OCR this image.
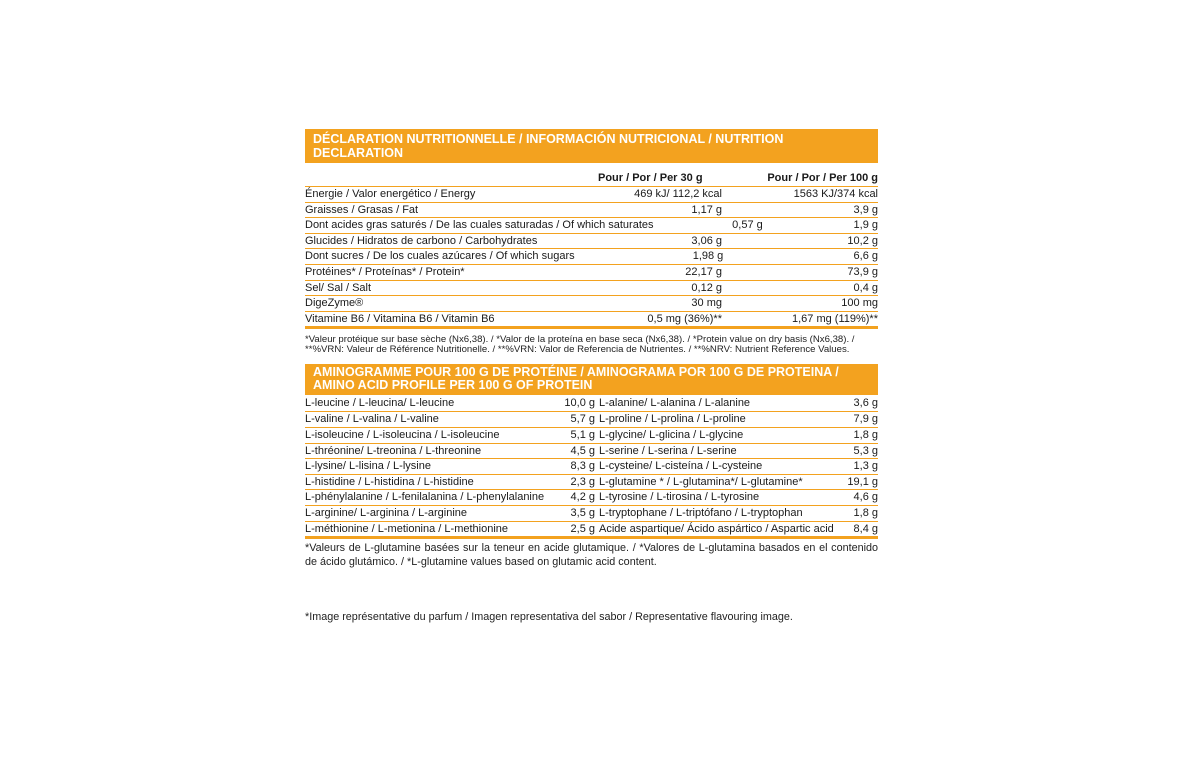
DÉCLARATION NUTRITIONNELLE / INFORMACIÓN NUTRICIONAL / NUTRITION DECLARATION
Pour / Por / Per 30 g	Pour / Por / Per 100 g
Énergie / Valor energético / Energy	469 kJ/ 112,2 kcal	1563 KJ/374 kcal
Graisses / Grasas / Fat	1,17 g	3,9 g
Dont acides gras saturés / De las cuales saturadas / Of which saturates	0,57 g	1,9 g
Glucides / Hidratos de carbono / Carbohydrates	3,06 g	10,2 g
Dont sucres / De los cuales azúcares / Of which sugars	1,98 g	6,6 g
Protéines* / Proteínas* / Protein*	22,17 g	73,9 g
Sel/ Sal / Salt	0,12 g	0,4 g
DigeZyme®	30 mg	100 mg
Vitamine B6 / Vitamina B6 / Vitamin B6	0,5 mg (36%)**	1,67 mg (119%)**
*Valeur protéique sur base sèche (Nx6,38). / *Valor de la proteína en base seca (Nx6,38). / *Protein value on dry basis (Nx6,38). / **%VRN: Valeur de Référence Nutritionelle. / **%VRN: Valor de Referencia de Nutrientes. / **%NRV: Nutrient Reference Values.
AMINOGRAMME POUR 100 G DE PROTÉINE / AMINOGRAMA POR 100 G DE PROTEINA /
AMINO ACID PROFILE PER 100 G OF PROTEIN
L-leucine / L-leucina/ L-leucine	10,0 g L-alanine/ L-alanina / L-alanine	3,6 g
L-valine / L-valina / L-valine	5,7 g L-proline / L-prolina / L-proline	7,9 g
L-isoleucine / L-isoleucina / L-isoleucine	5,1 g L-glycine/ L-glicina / L-glycine	1,8 g
L-thréonine/ L-treonina / L-threonine	4,5 g L-serine / L-serina / L-serine	5,3 g
L-lysine/ L-lisina / L-lysine	8,3 g L-cysteine/ L-cisteína / L-cysteine	1,3 g
L-histidine / L-histidina / L-histidine	2,3 g L-glutamine * / L-glutamina*/ L-glutamine*	19,1 g
L-phénylalanine / L-fenilalanina / L-phenylalanine	4,2 g L-tyrosine / L-tirosina / L-tyrosine	4,6 g
L-arginine/ L-arginina / L-arginine	3,5 g L-tryptophane / L-triptófano / L-tryptophan	1,8 g
L-méthionine / L-metionina / L-methionine	2,5 g Acide aspartique/ Ácido aspártico / Aspartic acid	8,4 g
*Valeurs de L-glutamine basées sur la teneur en acide glutamique. / *Valores de L-glutamina basados en el contenido de ácido glutámico. / *L-glutamine values based on glutamic acid content.
*Image représentative du parfum / Imagen representativa del sabor / Representative flavouring image.
